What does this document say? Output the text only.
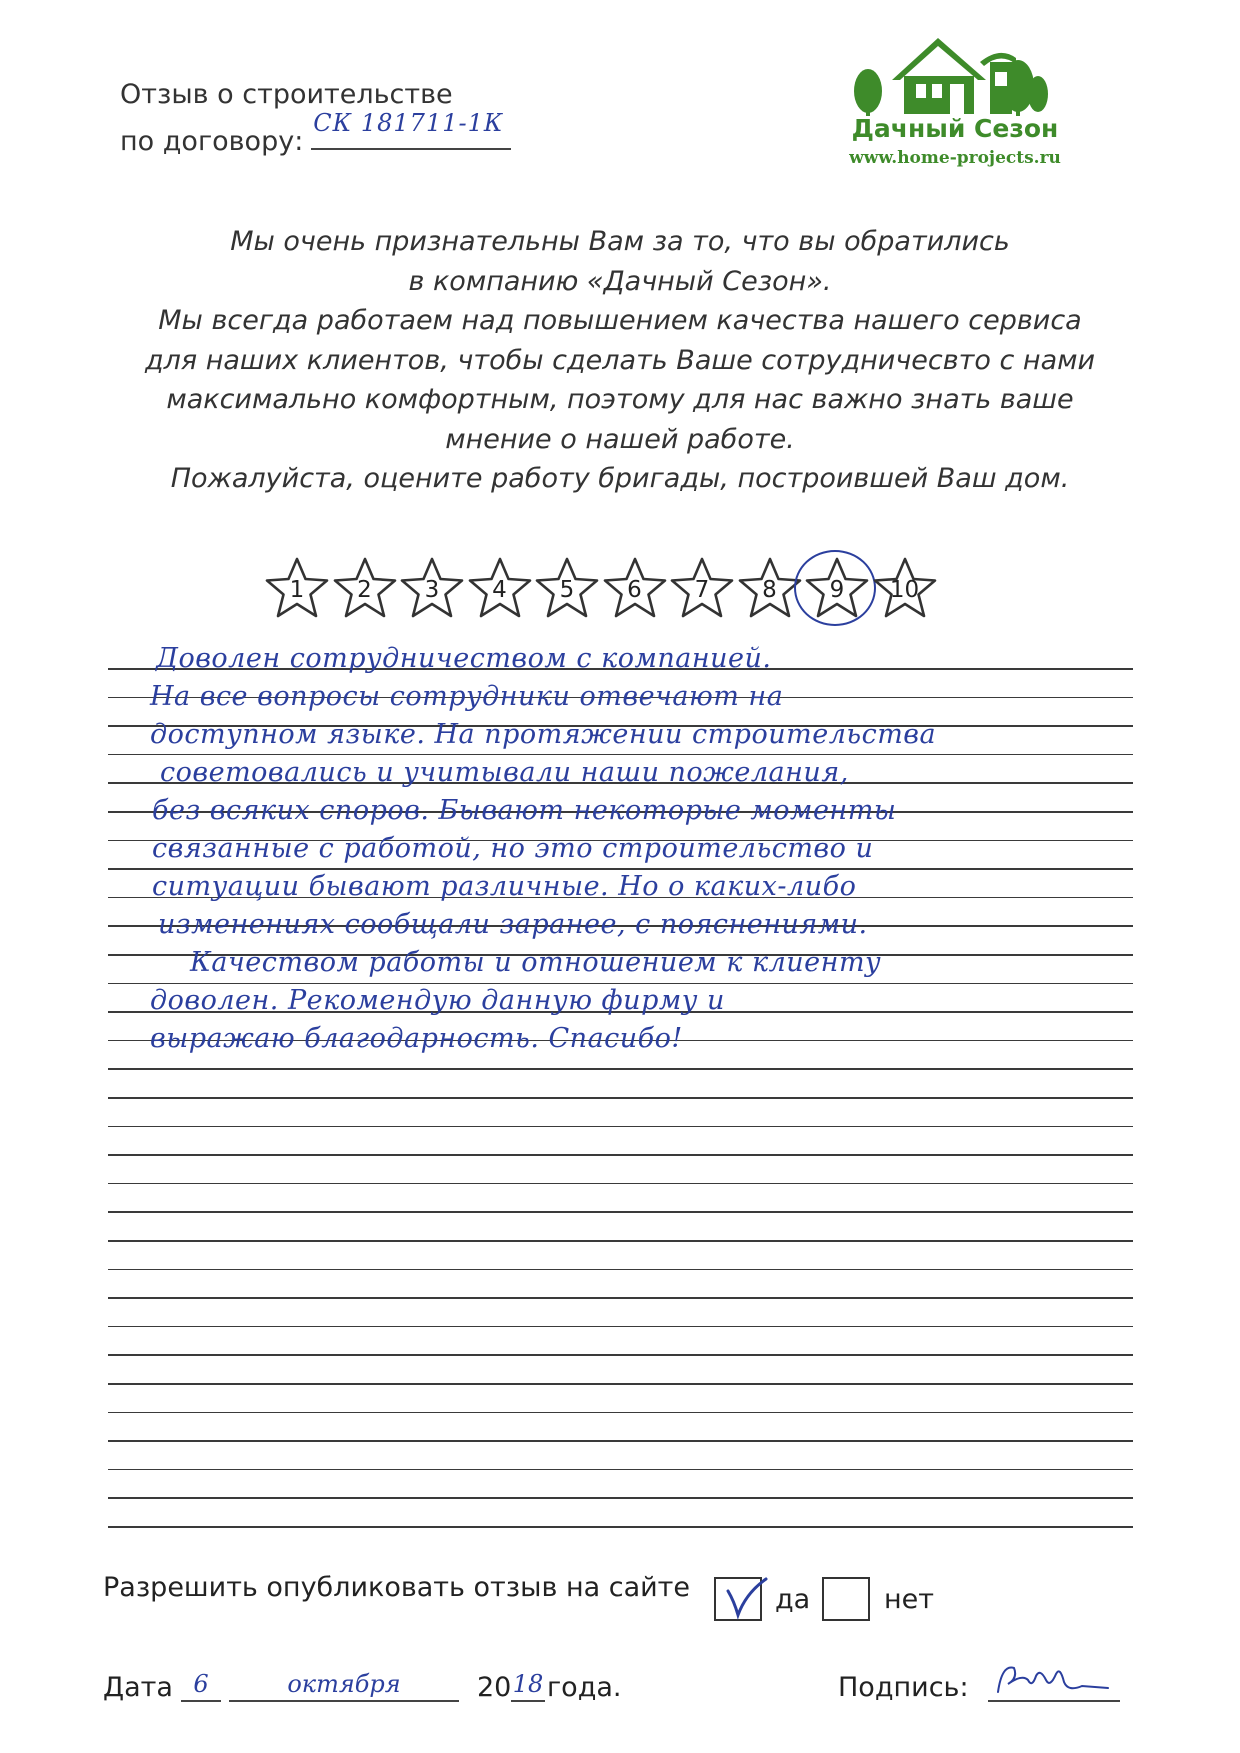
Отзыв о строительстве
по договору:
СК 181711-1К	Дачный Сезон
www.home-projects.ru
Мы очень признательны Вам за то, что вы обратились
в компанию «Дачный Сезон».
Мы всегда работаем над повышением качества нашего сервиса
для наших клиентов, чтобы сделать Ваше сотрудничесвто с нами
максимально комфортным, поэтому для нас важно знать ваше
мнение о нашей работе.
Пожалуйста, оцените работу бригады, построившей Ваш дом.
1	2	3	4	5	6	7	8	9	10
Доволен сотрудничеством с компанией.
На все вопросы сотрудники отвечают на
доступном языке. На протяжении строительства
советовались и учитывали наши пожелания,
без всяких споров. Бывают некоторые моменты
связанные с работой, но это строительство и
ситуации бывают различные. Но о каких-либо
изменениях сообщали заранее, с пояснениями.
Качеством работы и отношением к клиенту
доволен. Рекомендую данную фирму и
выражаю благодарность. Спасибо!
Разрешить опубликовать отзыв на сайте	да	нет
Дата 6	октября	20 18 года.	Подпись:
